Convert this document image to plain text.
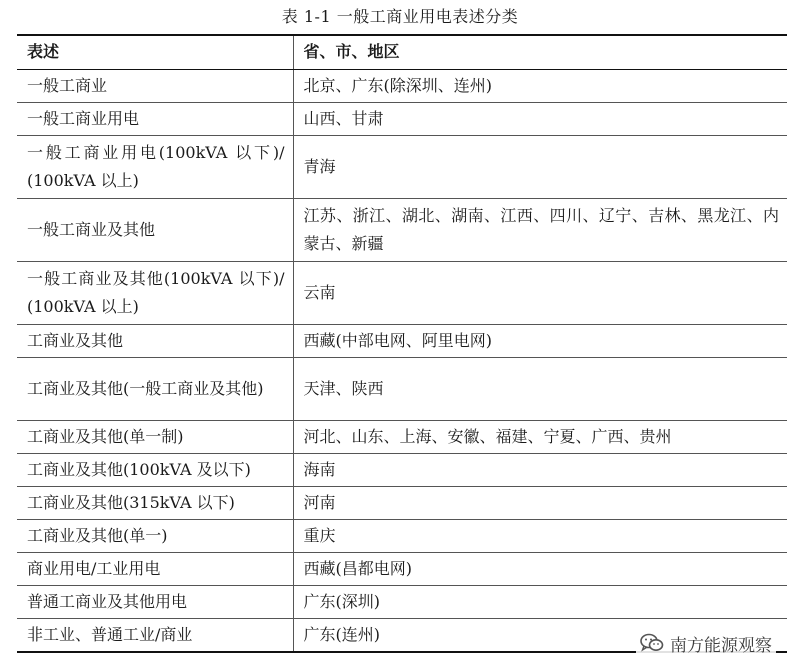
表 1-1 一般工商业用电表述分类
表述	省、市、地区
一般工商业	北京、广东(除深圳、连州)
一般工商业用电	山西、甘肃
一般工商业用电(100kVA 以下)/ (100kVA 以上)	青海
一般工商业及其他	江苏、浙江、湖北、湖南、江西、四川、辽宁、吉林、黑龙江、内蒙古、新疆
一般工商业及其他(100kVA 以下)/ (100kVA 以上)	云南
工商业及其他	西藏(中部电网、阿里电网)
工商业及其他(一般工商业及其他)	天津、陕西
工商业及其他(单一制)	河北、山东、上海、安徽、福建、宁夏、广西、贵州
工商业及其他(100kVA 及以下)	海南
工商业及其他(315kVA 以下)	河南
工商业及其他(单一)	重庆
商业用电/工业用电	西藏(昌都电网)
普通工商业及其他用电	广东(深圳)
非工业、普通工业/商业	广东(连州)
南方能源观察
